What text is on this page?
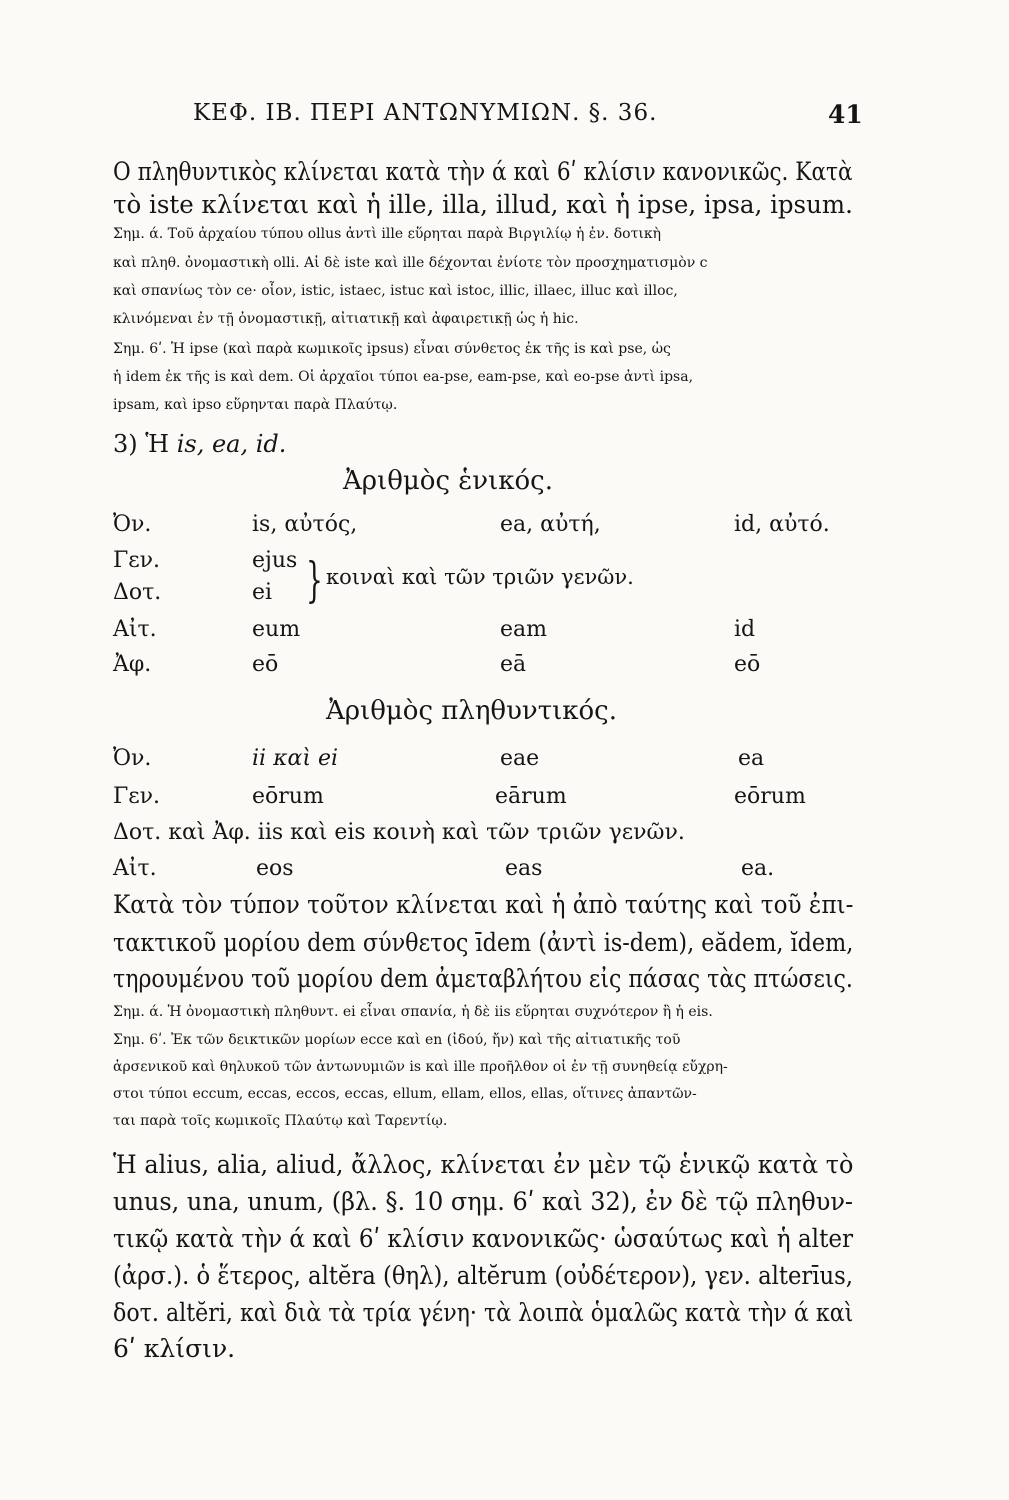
ΚΕΦ. ΙΒ. ΠΕΡΙ ΑΝΤΩΝΥΜΙΩΝ. §. 36.	41
Ο πληθυντικὸς κλίνεται κατὰ τὴν ά καὶ 6ʹ κλίσιν κανονικῶς. Κατὰ
τὸ iste κλίνεται καὶ ἡ ille, illa, illud, καὶ ἡ ipse, ipsa, ipsum.
Σημ. ά. Τοῦ ἀρχαίου τύπου ollus ἀντὶ ille εὕρηται παρὰ Βιργιλίῳ ἡ ἐν. δοτικὴ
καὶ πληθ. ὀνομαστικὴ olli. Αἱ δὲ iste καὶ ille δέχονται ἐνίοτε τὸν προσχηματισμὸν c
καὶ σπανίως τὸν ce· οἷον, istic, istaec, istuc καὶ istoc, illic, illaec, illuc καὶ illoc,
κλινόμεναι ἐν τῇ ὀνομαστικῇ, αἰτιατικῇ καὶ ἀφαιρετικῇ ὡς ἡ hic.
Σημ. 6ʹ. Ἡ ipse (καὶ παρὰ κωμικοῖς ipsus) εἶναι σύνθετος ἐκ τῆς is καὶ pse, ὡς
ἡ idem ἐκ τῆς is καὶ dem. Οἱ ἀρχαῖοι τύποι ea-pse, eam-pse, καὶ eo-pse ἀντὶ ipsa,
ipsam, καὶ ipso εὕρηνται παρὰ Πλαύτῳ.
3) Ἡ is, ea, id.
Ἀριθμὸς ἑνικός.
Ὀν.	is, αὐτός,	ea, αὐτή,	id, αὐτό.
Γεν.	ejus
Δοτ.	ei } κοιναὶ καὶ τῶν τριῶν γενῶν.
Αἰτ.	eum	eam	id
Ἀφ.	eō	eā	eō
Ἀριθμὸς πληθυντικός.
Ὀν.	ii καὶ ei	eae	ea
Γεν.	eōrum	eārum	eōrum
Δοτ. καὶ Ἀφ. iis καὶ eis κοινὴ καὶ τῶν τριῶν γενῶν.
Αἰτ.	eos	eas	ea.
Κατὰ τὸν τύπον τοῦτον κλίνεται καὶ ἡ ἀπὸ ταύτης καὶ τοῦ ἐπι-
τακτικοῦ μορίου dem σύνθετος īdem (ἀντὶ is-dem), eădem, ĭdem,
τηρουμένου τοῦ μορίου dem ἀμεταβλήτου εἰς πάσας τὰς πτώσεις.
Σημ. ά. Ἡ ὀνομαστικὴ πληθυντ. ei εἶναι σπανία, ἡ δὲ iis εὕρηται συχνότερον ἢ ἡ eis.
Σημ. 6ʹ. Ἐκ τῶν δεικτικῶν μορίων ecce καὶ en (ἰδού, ἤν) καὶ τῆς αἰτιατικῆς τοῦ
ἀρσενικοῦ καὶ θηλυκοῦ τῶν ἀντωνυμιῶν is καὶ ille προῆλθον οἱ ἐν τῇ συνηθείᾳ εὔχρη-
στοι τύποι eccum, eccas, eccos, eccas, ellum, ellam, ellos, ellas, οἵτινες ἀπαντῶν-
ται παρὰ τοῖς κωμικοῖς Πλαύτῳ καὶ Ταρεντίῳ.
Ἡ alius, alia, aliud, ἄλλος, κλίνεται ἐν μὲν τῷ ἑνικῷ κατὰ τὸ
unus, una, unum, (βλ. §. 10 σημ. 6ʹ καὶ 32), ἐν δὲ τῷ πληθυν-
τικῷ κατὰ τὴν ά καὶ 6ʹ κλίσιν κανονικῶς· ὡσαύτως καὶ ἡ alter
(ἀρσ.). ὁ ἕτερος, altĕra (θηλ), altĕrum (οὐδέτερον), γεν. alterīus,
δοτ. altĕri, καὶ διὰ τὰ τρία γένη· τὰ λοιπὰ ὁμαλῶς κατὰ τὴν ά καὶ
6ʹ κλίσιν.
